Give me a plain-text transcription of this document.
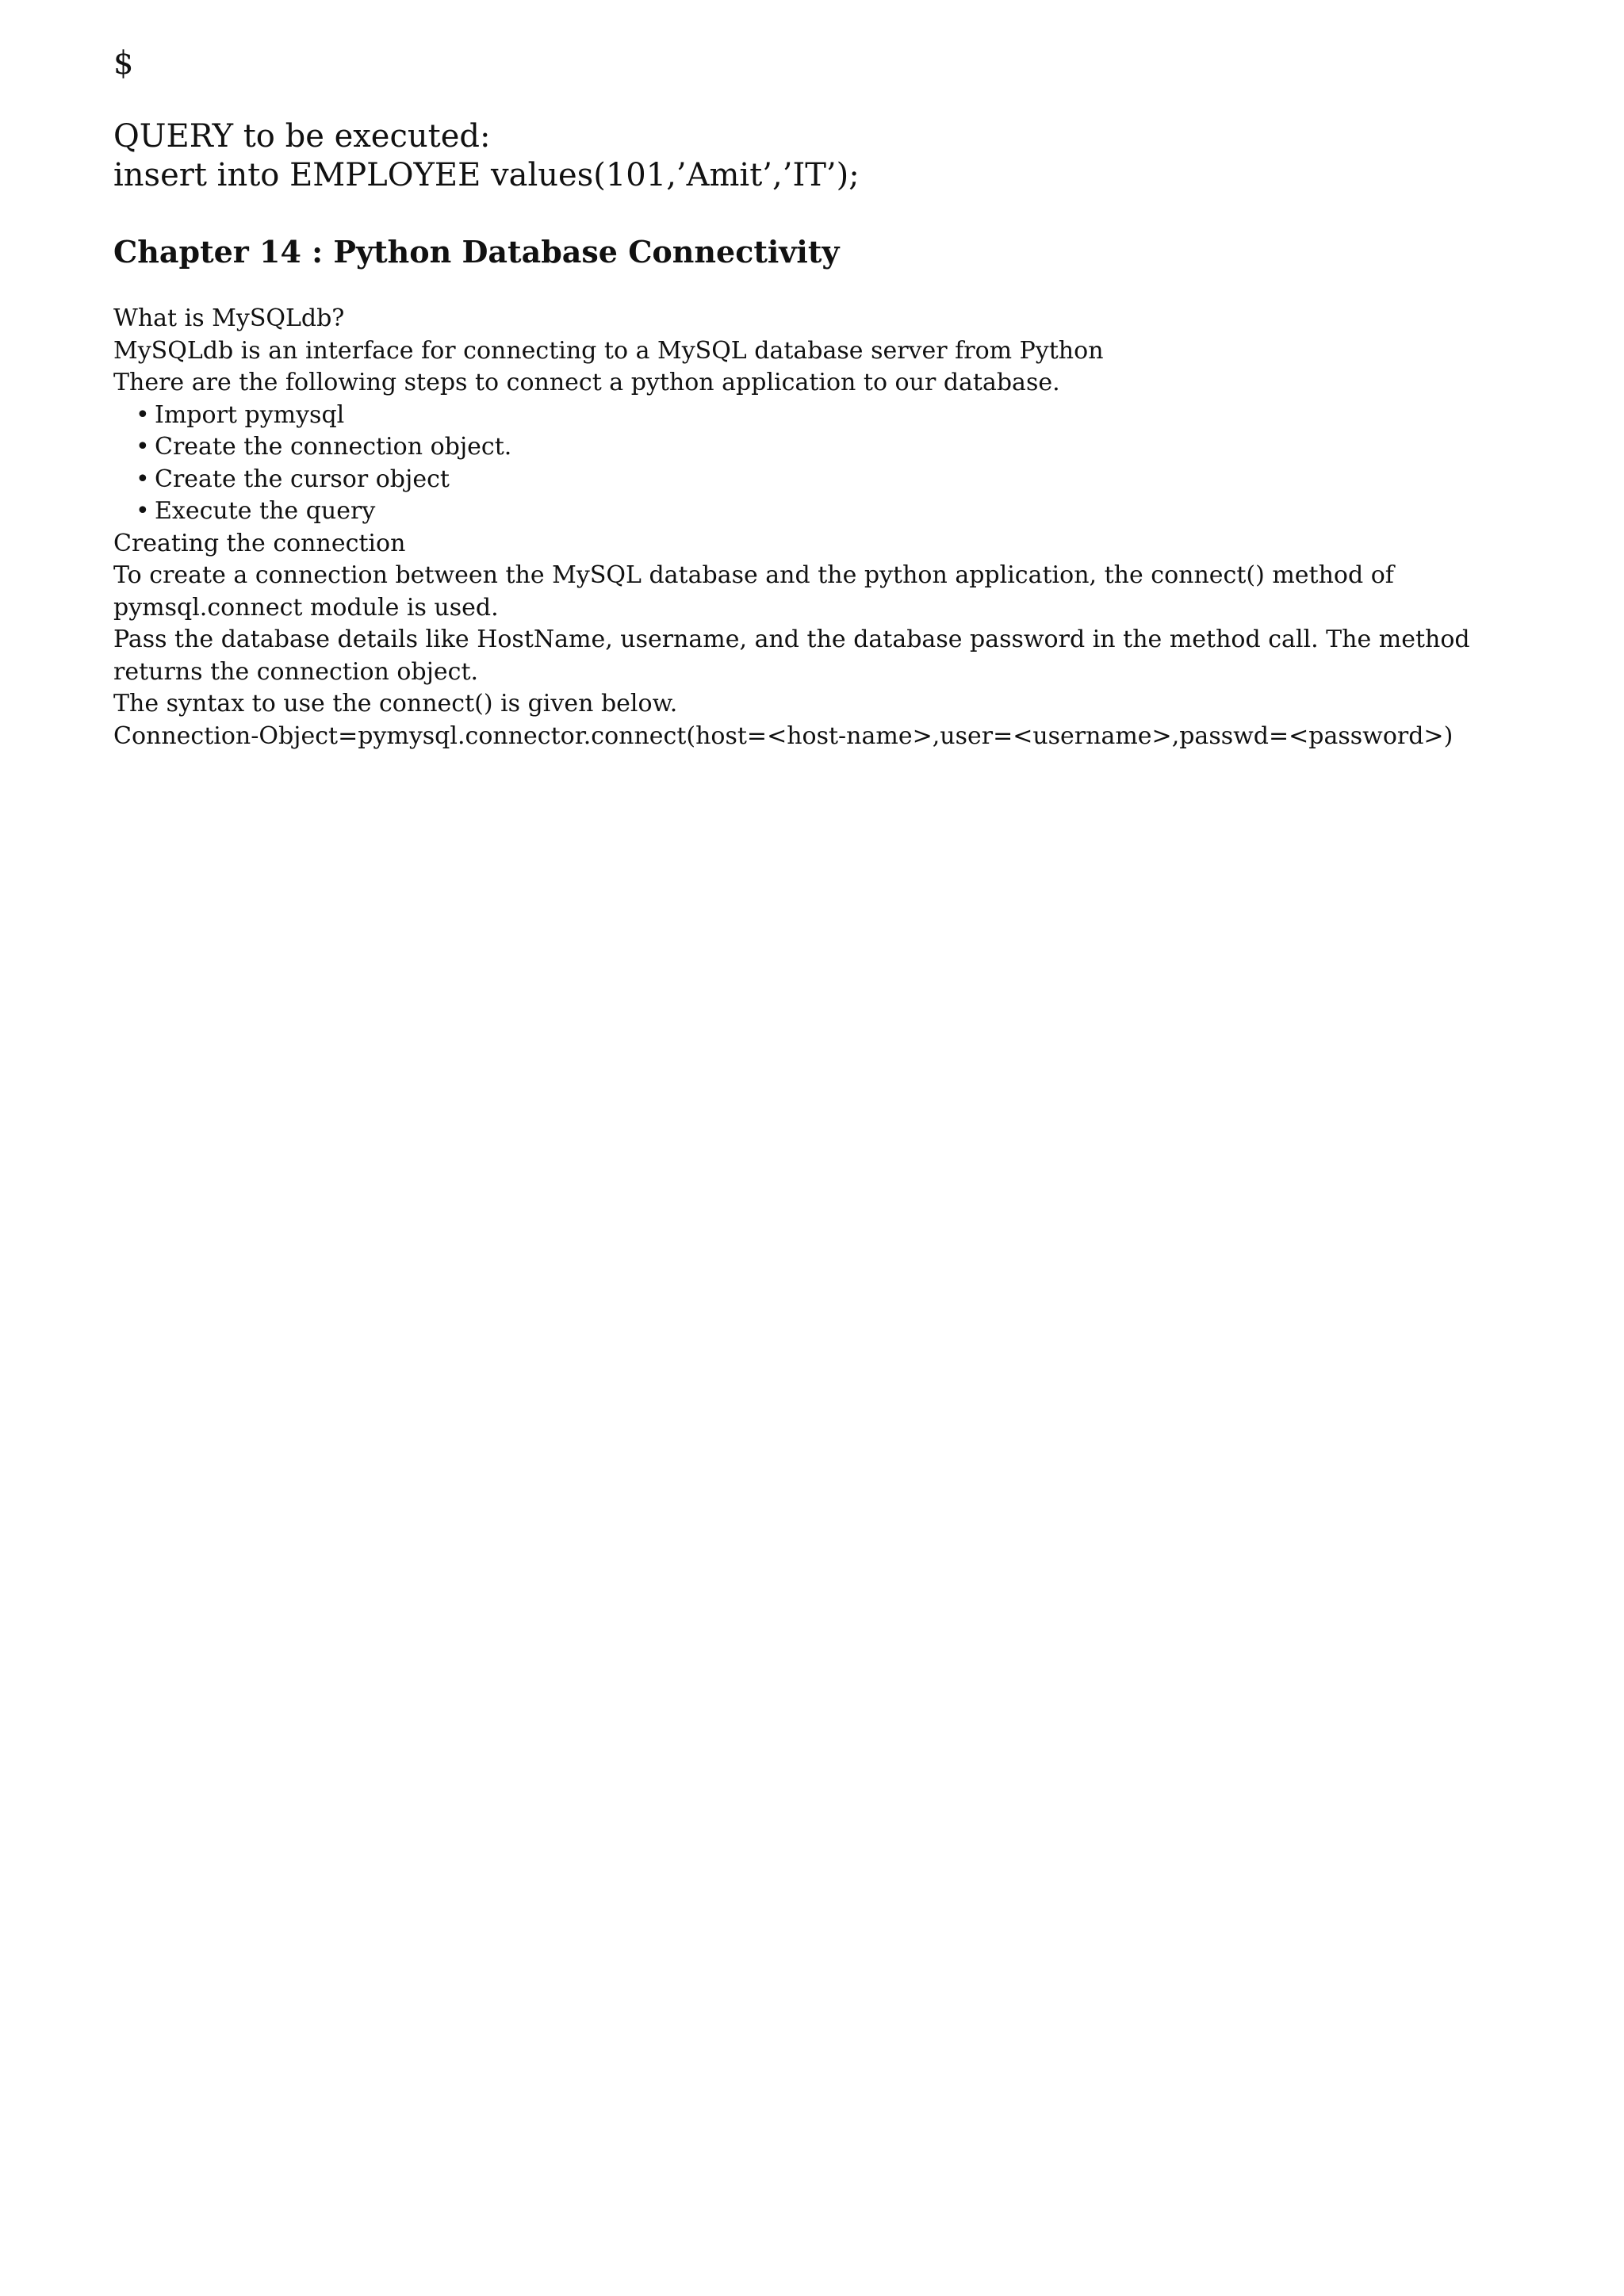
$
QUERY to be executed:
insert into EMPLOYEE values(101,’Amit’,’IT’);
Chapter 14 : Python Database Connectivity

What is MySQLdb?

MySQLdb is an interface for connecting to a MySQL database server from Python

There are the following steps to connect a python application to our database.

• Import pymysql
• Create the connection object.
• Create the cursor object
• Execute the query

Creating the connection

To create a connection between the MySQL database and the python application, the connect() method of pymsql.connect module is used.

Pass the database details like HostName, username, and the database password in the method call. The method returns the connection object.

The syntax to use the connect() is given below.

Connection-Object=pymysql.connector.connect(host=<host-name>,user=<username>,passwd=<password>)
